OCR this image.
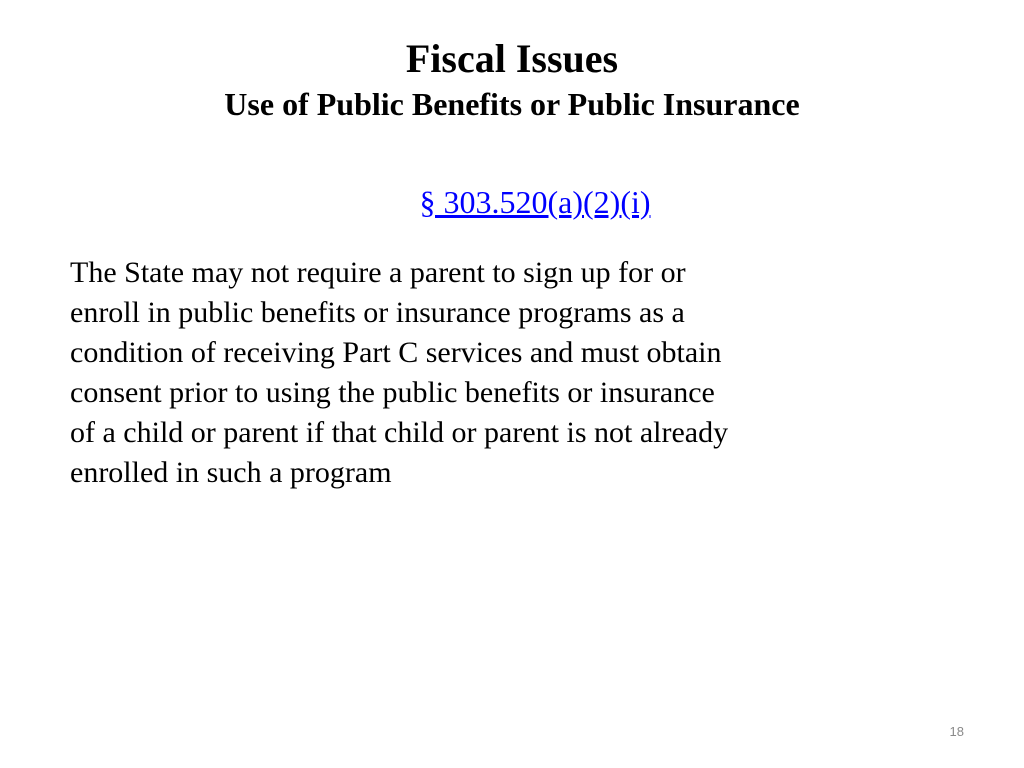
Fiscal Issues
Use of Public Benefits or Public Insurance
§ 303.520(a)(2)(i)
The State may not require a parent to sign up for or
enroll in public benefits or insurance programs as a
condition of receiving Part C services and must obtain
consent prior to using the public benefits or insurance
of a child or parent if that child or parent is not already
enrolled in such a program
18
